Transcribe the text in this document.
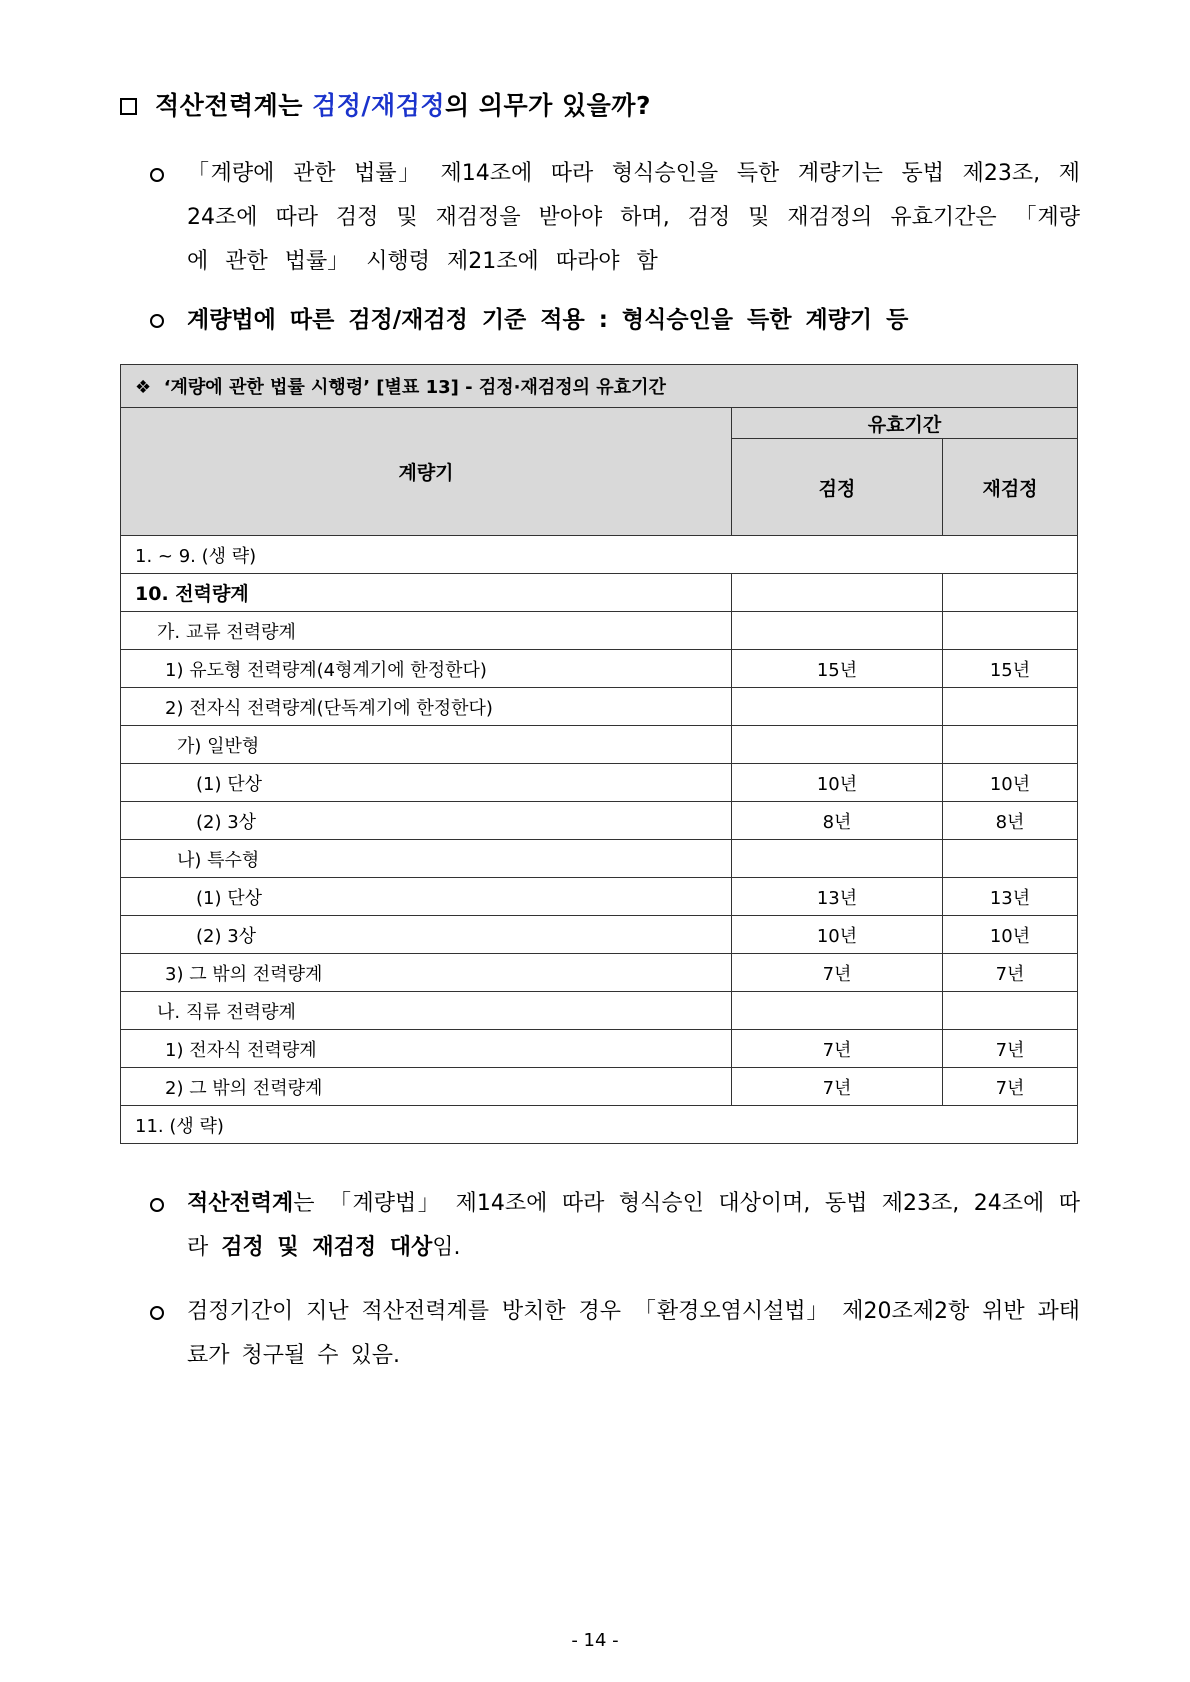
적산전력계는 검정/재검정의 의무가 있을까?
「계량에 관한 법률」 제14조에 따라 형식승인을 득한 계량기는 동법 제23조, 제24조에 따라 검정 및 재검정을 받아야 하며, 검정 및 재검정의 유효기간은 「계량에 관한 법률」 시행령 제21조에 따라야 함
계량법에 따른 검정/재검정 기준 적용 : 형식승인을 득한 계량기 등
❖ ‘계량에 관한 법률 시행령’ [별표 13] - 검정·재검정의 유효기간		
계량기	유효기간	
	검정	재검정
1. ~ 9. (생 략)		
10. 전력량계		
가. 교류 전력량계		
1) 유도형 전력량계(4형계기에 한정한다)	15년	15년
2) 전자식 전력량계(단독계기에 한정한다)		
가) 일반형		
(1) 단상	10년	10년
(2) 3상	8년	8년
나) 특수형		
(1) 단상	13년	13년
(2) 3상	10년	10년
3) 그 밖의 전력량계	7년	7년
나. 직류 전력량계		
1) 전자식 전력량계	7년	7년
2) 그 밖의 전력량계	7년	7년
11. (생 략)		
적산전력계는 「계량법」 제14조에 따라 형식승인 대상이며, 동법 제23조, 24조에 따라 검정 및 재검정 대상임.
검정기간이 지난 적산전력계를 방치한 경우 「환경오염시설법」 제20조제2항 위반 과태료가 청구될 수 있음.
- 14 -
